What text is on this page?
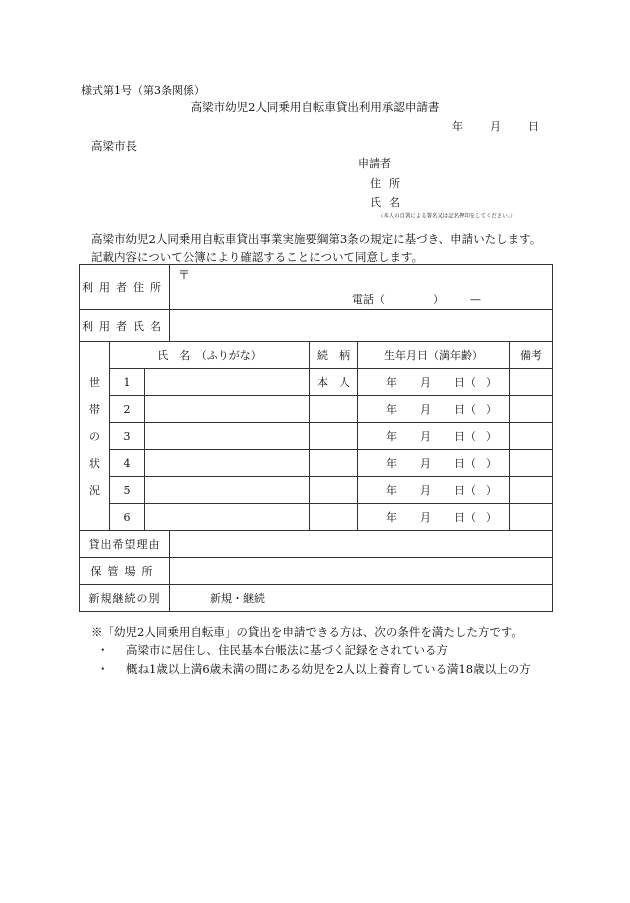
様式第1号（第3条関係）
高梁市幼児2人同乗用自転車貸出利用承認申請書
年 月 日
高梁市長
申請者
住所
氏名
（本人の自署による署名又は記名押印をしてください。）
高梁市幼児2人同乗用自転車貸出事業実施要綱第3条の規定に基づき、申請いたします。
記載内容について公簿により確認することについて同意します。
利用者住所			〒
電話（ ） —			

利用者氏名						

世
帯
の
状
況	氏　名　（ふりがな）			続　柄	生年月日（満年齢）	備考
	1			本　人	年 月 日（ ）	
	2				年 月 日（ ）	
	3				年 月 日（ ）	
	4				年 月 日（ ）	
	5				年 月 日（ ）	
	6				年 月 日（ ）	
貸出希望理由						
保管場所						
新規継続の別			新規・継続			
※「幼児2人同乗用自転車」の貸出を申請できる方は、次の条件を満たした方です。
・ 高梁市に居住し、住民基本台帳法に基づく記録をされている方
・ 概ね1歳以上満6歳未満の間にある幼児を2人以上養育している満18歳以上の方
